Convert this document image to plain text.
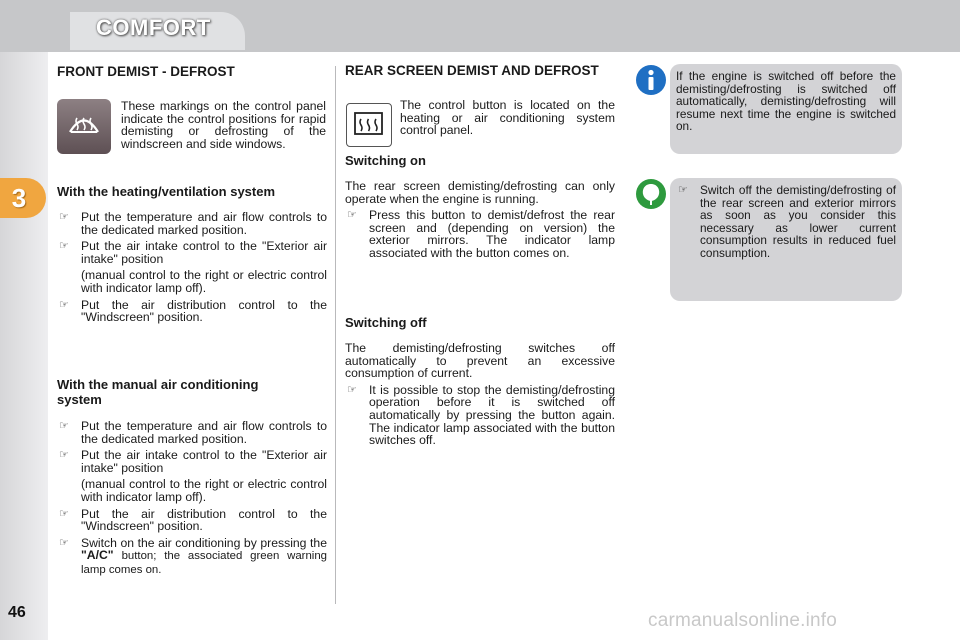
COMFORT
3
46
FRONT DEMIST - DEFROST
These markings on the control panel indicate the control positions for rapid demisting or defrosting of the windscreen and side windows.
With the heating/ventilation system
☞ Put the temperature and air flow controls to the dedicated marked position.
☞ Put the air intake control to the "Exterior air intake" position
(manual control to the right or electric control with indicator lamp off).
☞ Put the air distribution control to the "Windscreen" position.
With the manual air conditioning system
☞ Put the temperature and air flow controls to the dedicated marked position.
☞ Put the air intake control to the "Exterior air intake" position
(manual control to the right or electric control with indicator lamp off).
☞ Put the air distribution control to the "Windscreen" position.
☞ Switch on the air conditioning by pressing the "A/C" button; the associated green warning lamp comes on.
REAR SCREEN DEMIST AND DEFROST
The control button is located on the heating or air conditioning system control panel.
Switching on
The rear screen demisting/defrosting can only operate when the engine is running.
☞ Press this button to demist/defrost the rear screen and (depending on version) the exterior mirrors. The indicator lamp associated with the button comes on.
Switching off
The demisting/defrosting switches off automatically to prevent an excessive consumption of current.
☞ It is possible to stop the demisting/defrosting operation before it is switched off automatically by pressing the button again. The indicator lamp associated with the button switches off.
If the engine is switched off before the demisting/defrosting is switched off automatically, demisting/defrosting will resume next time the engine is switched on.
☞ Switch off the demisting/defrosting of the rear screen and exterior mirrors as soon as you consider this necessary as lower current consumption results in reduced fuel consumption.
carmanualsonline.info
